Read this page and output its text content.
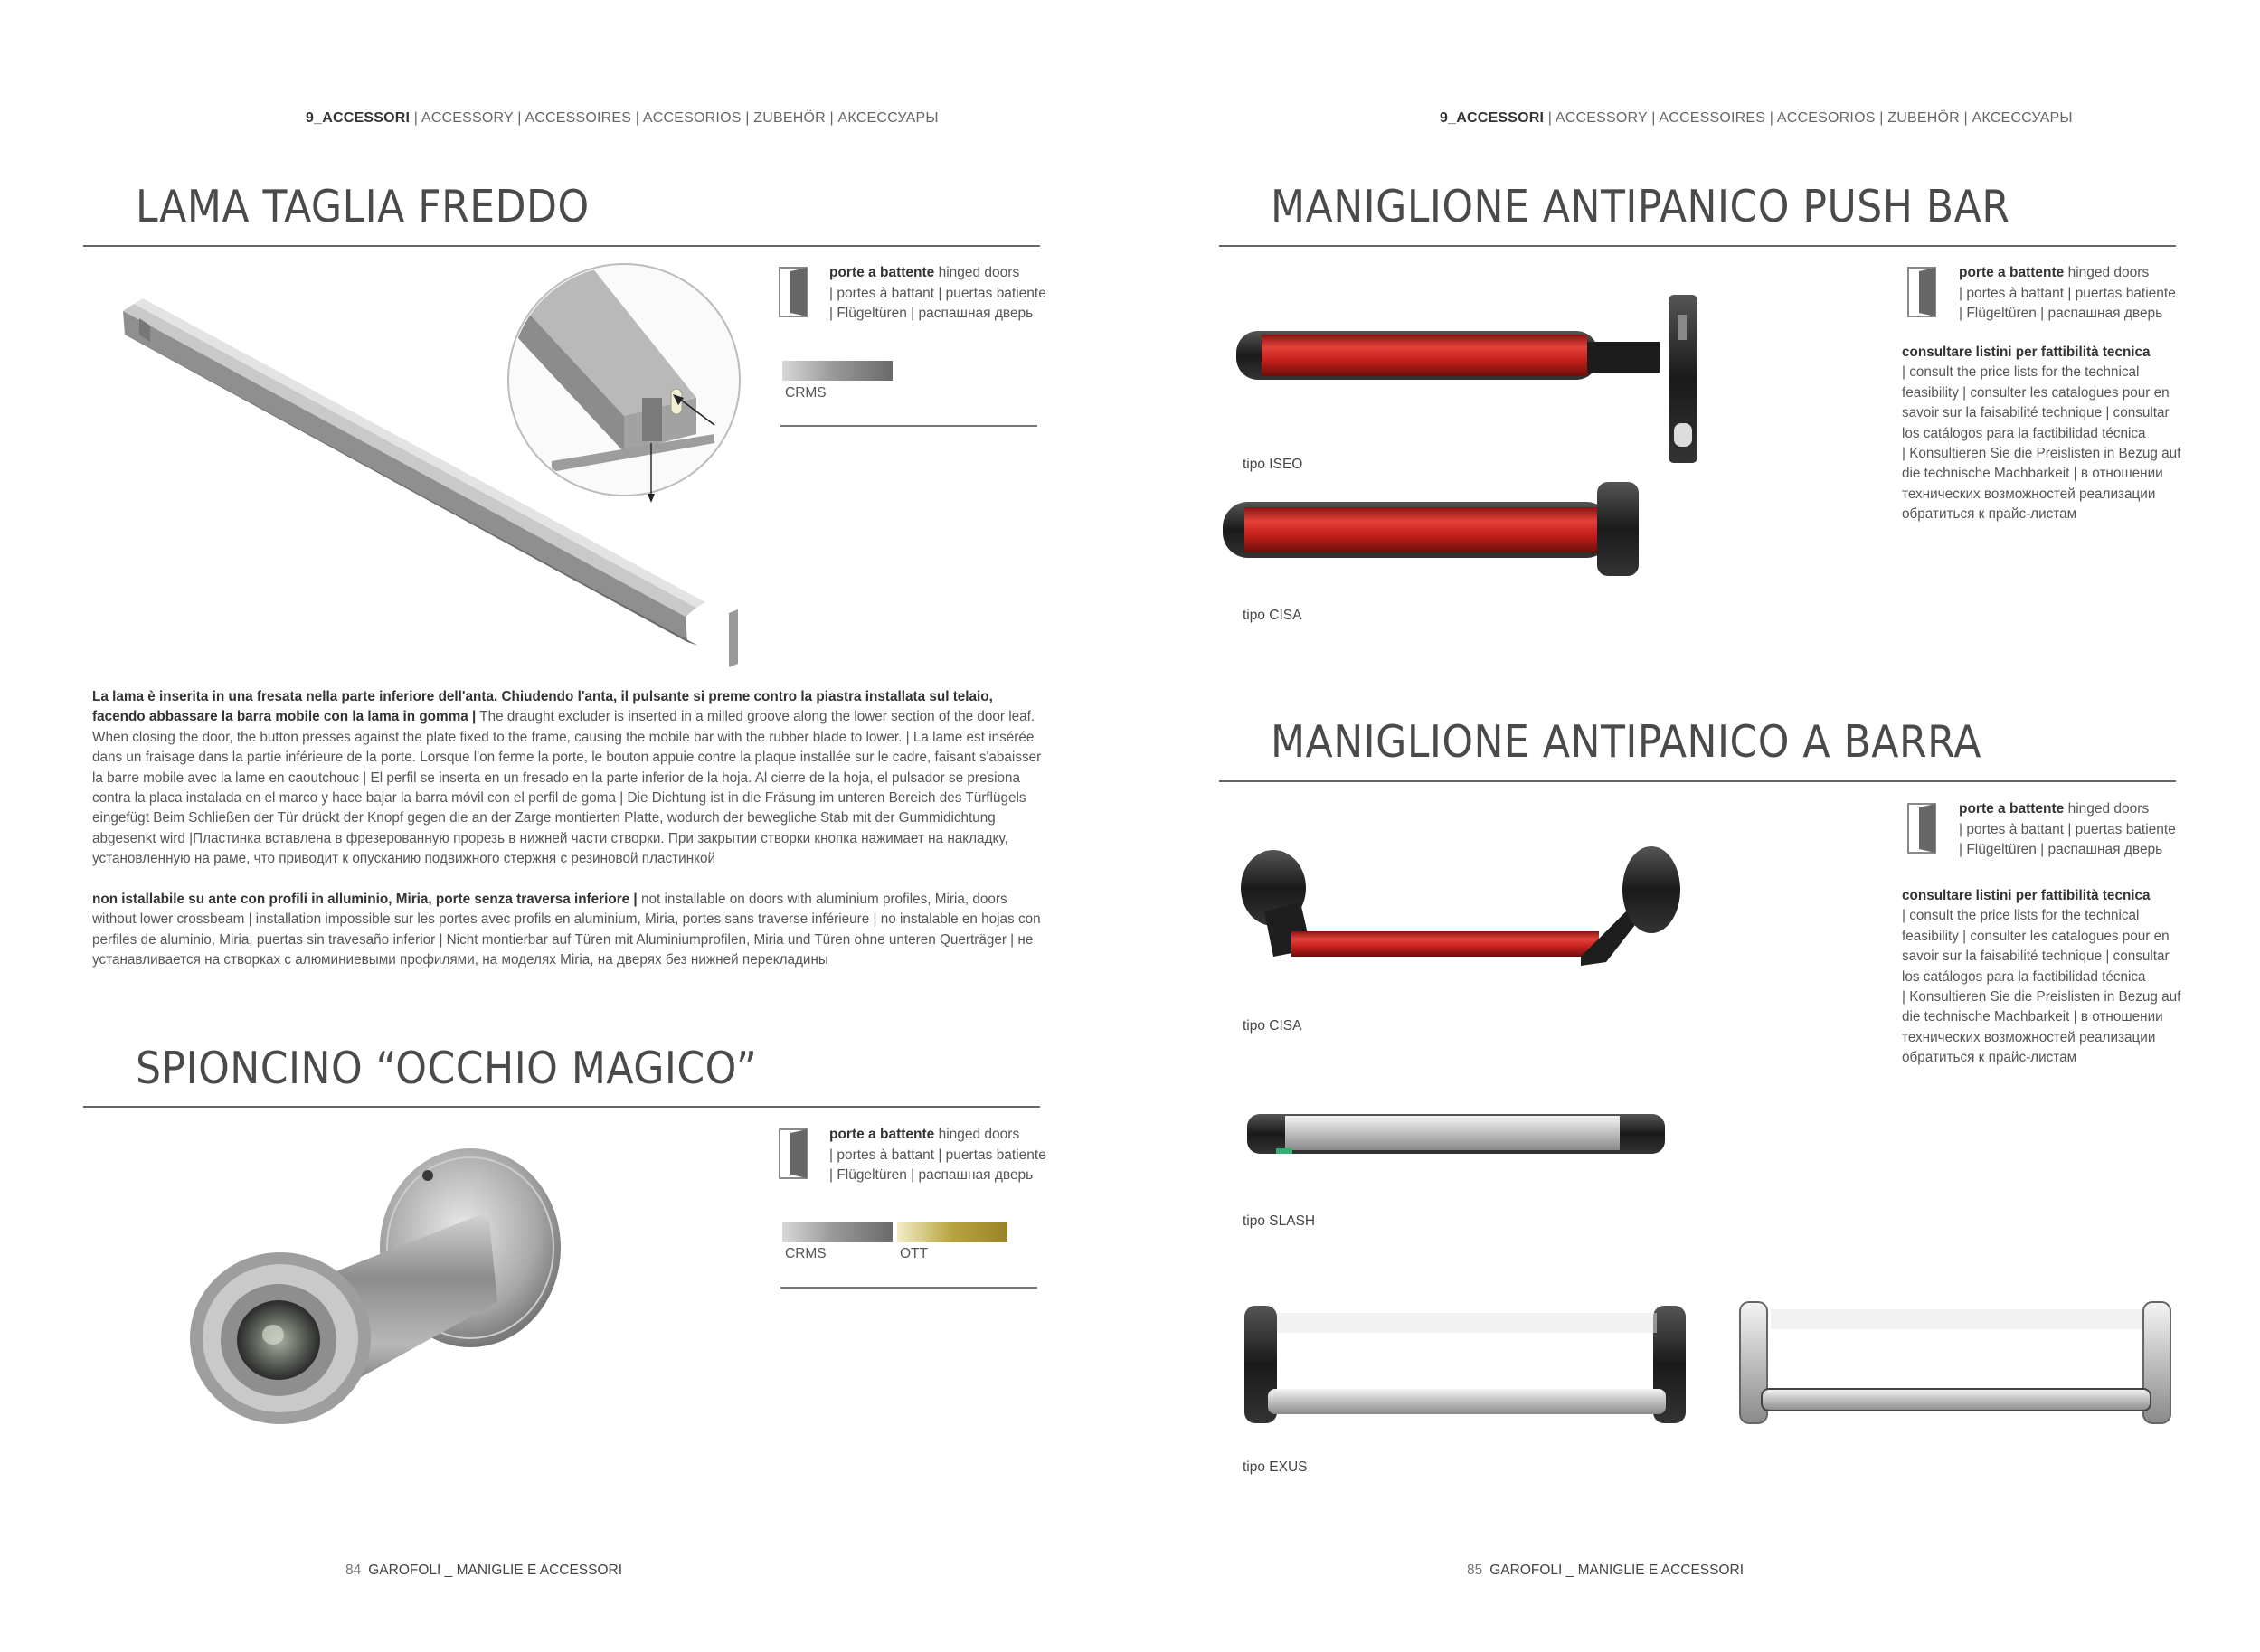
9_ACCESSORI | ACCESSORY | ACCESSOIRES | ACCESORIOS | ZUBEHÖR | АКСЕССУАРЫ
LAMA TAGLIA FREDDO
porte a battente hinged doors
| portes à battant | puertas batiente
| Flügeltüren | распашная дверь
CRMS
La lama è inserita in una fresata nella parte inferiore dell'anta. Chiudendo l'anta, il pulsante si preme contro la piastra installata sul telaio, facendo abbassare la barra mobile con la lama in gomma | The draught excluder is inserted in a milled groove along the lower section of the door leaf. When closing the door, the button presses against the plate fixed to the frame, causing the mobile bar with the rubber blade to lower. | La lame est insérée dans un fraisage dans la partie inférieure de la porte. Lorsque l'on ferme la porte, le bouton appuie contre la plaque installée sur le cadre, faisant s'abaisser la barre mobile avec la lame en caoutchouc | El perfil se inserta en un fresado en la parte inferior de la hoja. Al cierre de la hoja, el pulsador se presiona contra la placa instalada en el marco y hace bajar la barra móvil con el perfil de goma | Die Dichtung ist in die Fräsung im unteren Bereich des Türflügels eingefügt Beim Schließen der Tür drückt der Knopf gegen die an der Zarge montierten Platte, wodurch der bewegliche Stab mit der Gummidichtung abgesenkt wird |Пластинка вставлена в фрезерованную прорезь в нижней части створки. При закрытии створки кнопка нажимает на накладку, установленную на раме, что приводит к опусканию подвижного стержня с резиновой пластинкой
non istallabile su ante con profili in alluminio, Miria, porte senza traversa inferiore | not installable on doors with aluminium profiles, Miria, doors without lower crossbeam | installation impossible sur les portes avec profils en aluminium, Miria, portes sans traverse inférieure | no instalable en hojas con perfiles de aluminio, Miria, puertas sin travesaño inferior | Nicht montierbar auf Türen mit Aluminiumprofilen, Miria und Türen ohne unteren Querträger | не устанавливается на створках с алюминиевыми профилями, на моделях Miria, на дверях без нижней перекладины
SPIONCINO “OCCHIO MAGICO”
porte a battente hinged doors
| portes à battant | puertas batiente
| Flügeltüren | распашная дверь
CRMS	OTT
84 GAROFOLI _ MANIGLIE E ACCESSORI
9_ACCESSORI | ACCESSORY | ACCESSOIRES | ACCESORIOS | ZUBEHÖR | АКСЕССУАРЫ
MANIGLIONE ANTIPANICO PUSH BAR
tipo ISEO
tipo CISA
porte a battente hinged doors
| portes à battant | puertas batiente
| Flügeltüren | распашная дверь
consultare listini per fattibilità tecnica
| consult the price lists for the technical
feasibility | consulter les catalogues pour en
savoir sur la faisabilité technique | consultar
los catálogos para la factibilidad técnica
| Konsultieren Sie die Preislisten in Bezug auf
die technische Machbarkeit | в отношении
технических возможностей реализации
обратиться к прайс-листам
MANIGLIONE ANTIPANICO A BARRA
tipo CISA
tipo SLASH
tipo EXUS
porte a battente hinged doors
| portes à battant | puertas batiente
| Flügeltüren | распашная дверь
consultare listini per fattibilità tecnica
| consult the price lists for the technical
feasibility | consulter les catalogues pour en
savoir sur la faisabilité technique | consultar
los catálogos para la factibilidad técnica
| Konsultieren Sie die Preislisten in Bezug auf
die technische Machbarkeit | в отношении
технических возможностей реализации
обратиться к прайс-листам
85 GAROFOLI _ MANIGLIE E ACCESSORI
